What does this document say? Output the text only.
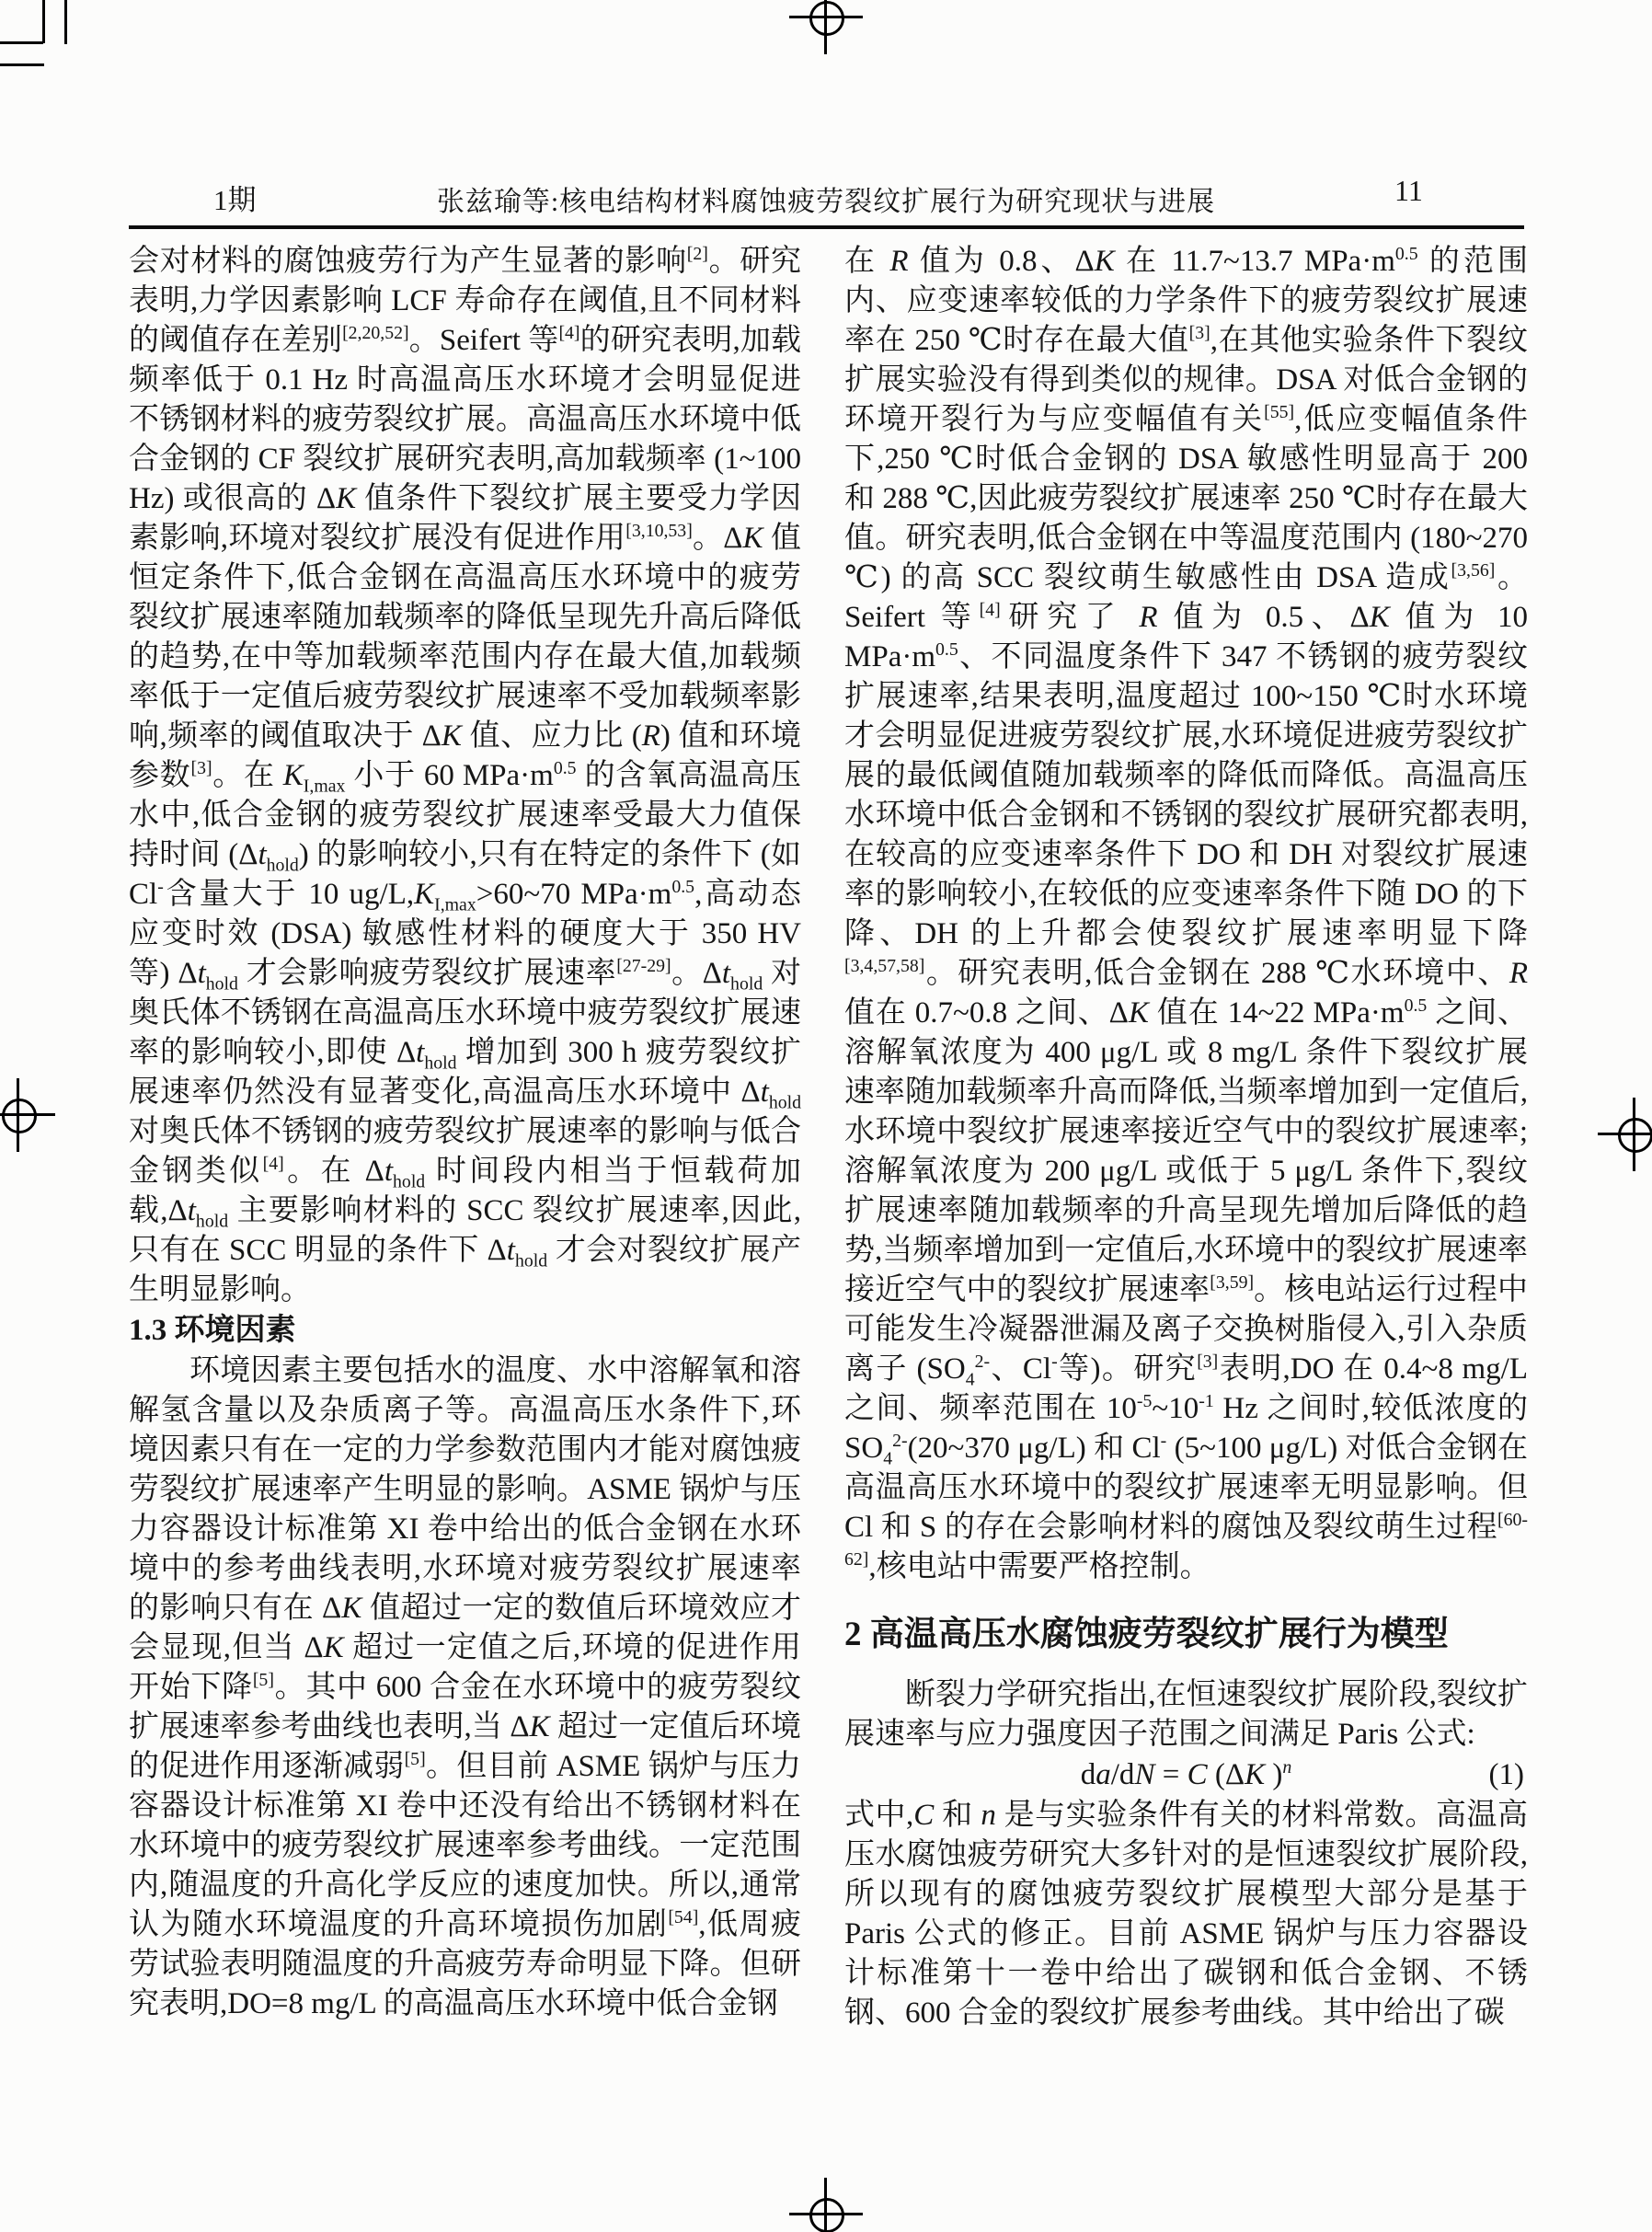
张兹瑜等:核电结构材料腐蚀疲劳裂纹扩展行为研究现状与进展
1期	11

会对材料的腐蚀疲劳行为产生显著的影响[2]。研究表明,力学因素影响 LCF 寿命存在阈值,且不同材料的阈值存在差别[2,20,52]。Seifert 等[4]的研究表明,加载频率低于 0.1 Hz 时高温高压水环境才会明显促进不锈钢材料的疲劳裂纹扩展。高温高压水环境中低合金钢的 CF 裂纹扩展研究表明,高加载频率 (1~100 Hz) 或很高的 ΔK 值条件下裂纹扩展主要受力学因素影响,环境对裂纹扩展没有促进作用[3,10,53]。ΔK 值恒定条件下,低合金钢在高温高压水环境中的疲劳裂纹扩展速率随加载频率的降低呈现先升高后降低的趋势,在中等加载频率范围内存在最大值,加载频率低于一定值后疲劳裂纹扩展速率不受加载频率影响,频率的阈值取决于 ΔK 值、应力比 (R) 值和环境参数[3]。在 $K_{I,max}$ 小于 60 $MPa\cdot m^{0.5}$ 的含氧高温高压水中,低合金钢的疲劳裂纹扩展速率受最大力值保持时间 $(\Delta t_{hold})$ 的影响较小,只有在特定的条件下 (如 Cl-含量大于 10 $ug/L,K_{I,max}>60\sim 70$ $MPa\cdot m^{0.5}$,高动态应变时效 (DSA) 敏感性材料的硬度大于 350 HV 等) $\Delta t_{hold}$ 才会影响疲劳裂纹扩展速率[27-29]。$\Delta t_{hold}$ 对奥氏体不锈钢在高温高压水环境中疲劳裂纹扩展速率的影响较小,即使 $\Delta t_{hold}$ 增加到 300 h 疲劳裂纹扩展速率仍然没有显著变化,高温高压水环境中 $\Delta t_{hold}$ 对奥氏体不锈钢的疲劳裂纹扩展速率的影响与低合金钢类似[4]。在 $\Delta t_{hold}$ 时间段内相当于恒载荷加载$,\Delta t_{hold}$ 主要影响材料的 SCC 裂纹扩展速率,因此,只有在 SCC 明显的条件下 $\Delta t_{hold}$ 才会对裂纹扩展产生明显影响。

1.3 环境因素

环境因素主要包括水的温度、水中溶解氧和溶解氢含量以及杂质离子等。高温高压水条件下,环境因素只有在一定的力学参数范围内才能对腐蚀疲劳裂纹扩展速率产生明显的影响。ASME 锅炉与压力容器设计标准第 XI 卷中给出的低合金钢在水环境中的参考曲线表明,水环境对疲劳裂纹扩展速率的影响只有在 ΔK 值超过一定的数值后环境效应才会显现,但当 ΔK 超过一定值之后,环境的促进作用开始下降[5]。其中 600 合金在水环境中的疲劳裂纹扩展速率参考曲线也表明,当 ΔK 超过一定值后环境的促进作用逐渐减弱[5]。但目前 ASME 锅炉与压力容器设计标准第 XI 卷中还没有给出不锈钢材料在水环境中的疲劳裂纹扩展速率参考曲线。一定范围内,随温度的升高化学反应的速度加快。所以,通常认为随水环境温度的升高环境损伤加剧[54],低周疲劳试验表明随温度的升高疲劳寿命明显下降。但研究表明,DO=8 mg/L 的高温高压水环境中低合金钢

在 R 值为 0.8、ΔK 在 11.7~13.7 $MPa\cdot m^{0.5}$ 的范围内、应变速率较低的力学条件下的疲劳裂纹扩展速率在 250 ℃时存在最大值[3],在其他实验条件下裂纹扩展实验没有得到类似的规律。DSA 对低合金钢的环境开裂行为与应变幅值有关[55],低应变幅值条件下,250 ℃时低合金钢的 DSA 敏感性明显高于 200 和 288 ℃,因此疲劳裂纹扩展速率 250 ℃时存在最大值。研究表明,低合金钢在中等温度范围内 (180~270 ℃) 的高 SCC 裂纹萌生敏感性由 DSA 造成[3,56]。Seifert 等[4]研究了 R 值为 0.5、ΔK 值为 10 $MPa\cdot m^{0.5}$、不同温度条件下 347 不锈钢的疲劳裂纹扩展速率,结果表明,温度超过 100~150 ℃时水环境才会明显促进疲劳裂纹扩展,水环境促进疲劳裂纹扩展的最低阈值随加载频率的降低而降低。高温高压水环境中低合金钢和不锈钢的裂纹扩展研究都表明,在较高的应变速率条件下 DO 和 DH 对裂纹扩展速率的影响较小,在较低的应变速率条件下随 DO 的下降、DH 的上升都会使裂纹扩展速率明显下降[3,4,57,58]。研究表明,低合金钢在 288 ℃水环境中、R 值在 0.7~0.8 之间、ΔK 值在 14~22 $MPa\cdot m^{0.5}$ 之间、溶解氧浓度为 400 μg/L 或 8 mg/L 条件下裂纹扩展速率随加载频率升高而降低,当频率增加到一定值后,水环境中裂纹扩展速率接近空气中的裂纹扩展速率;溶解氧浓度为 200 μg/L 或低于 5 μg/L 条件下,裂纹扩展速率随加载频率的升高呈现先增加后降低的趋势,当频率增加到一定值后,水环境中的裂纹扩展速率接近空气中的裂纹扩展速率[3,59]。核电站运行过程中可能发生冷凝器泄漏及离子交换树脂侵入,引入杂质离子 ($SO_4^{2-}$、Cl-等)。研究[3]表明,DO 在 0.4~8 mg/L 之间、频率范围在 $10^{-5}\sim 10^{-1}$ Hz 之间时,较低浓度的 $SO_4^{2-}(20\sim 370$ μg/L) 和 Cl- (5~100 μg/L) 对低合金钢在高温高压水环境中的裂纹扩展速率无明显影响。但 Cl 和 S 的存在会影响材料的腐蚀及裂纹萌生过程[60-62],核电站中需要严格控制。

2 高温高压水腐蚀疲劳裂纹扩展行为模型

断裂力学研究指出,在恒速裂纹扩展阶段,裂纹扩展速率与应力强度因子范围之间满足 Paris 公式:

da/dN = C (ΔK )$^n$	(1)

式中,C 和 n 是与实验条件有关的材料常数。高温高压水腐蚀疲劳研究大多针对的是恒速裂纹扩展阶段,所以现有的腐蚀疲劳裂纹扩展模型大部分是基于 Paris 公式的修正。目前 ASME 锅炉与压力容器设计标准第十一卷中给出了碳钢和低合金钢、不锈钢、600 合金的裂纹扩展参考曲线。其中给出了碳
